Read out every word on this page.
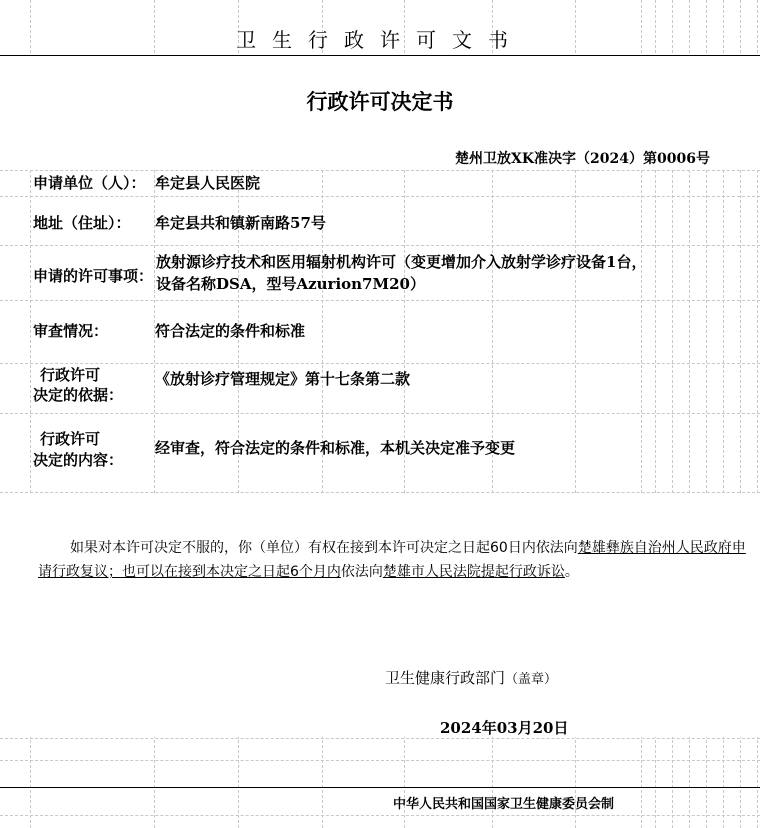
卫生行政许可文书
行政许可决定书
楚州卫放XK准决字（2024）第0006号
申请单位（人）： 牟定县人民医院
地址（住址）： 牟定县共和镇新南路57号
申请的许可事项：
放射源诊疗技术和医用辐射机构许可（变更增加介入放射学诊疗设备1台，设备名称DSA，型号Azurion7M20）
审查情况：	符合法定的条件和标准
行政许可
决定的依据：
《放射诊疗管理规定》第十七条第二款
行政许可
决定的内容：
经审查，符合法定的条件和标准，本机关决定准予变更
如果对本许可决定不服的，你（单位）有权在接到本许可决定之日起60日内依法向楚雄彝族自治州人民政府申请行政复议；也可以在接到本决定之日起6个月内依法向楚雄市人民法院提起行政诉讼。
卫生健康行政部门（盖章）
2024年03月20日
中华人民共和国国家卫生健康委员会制
